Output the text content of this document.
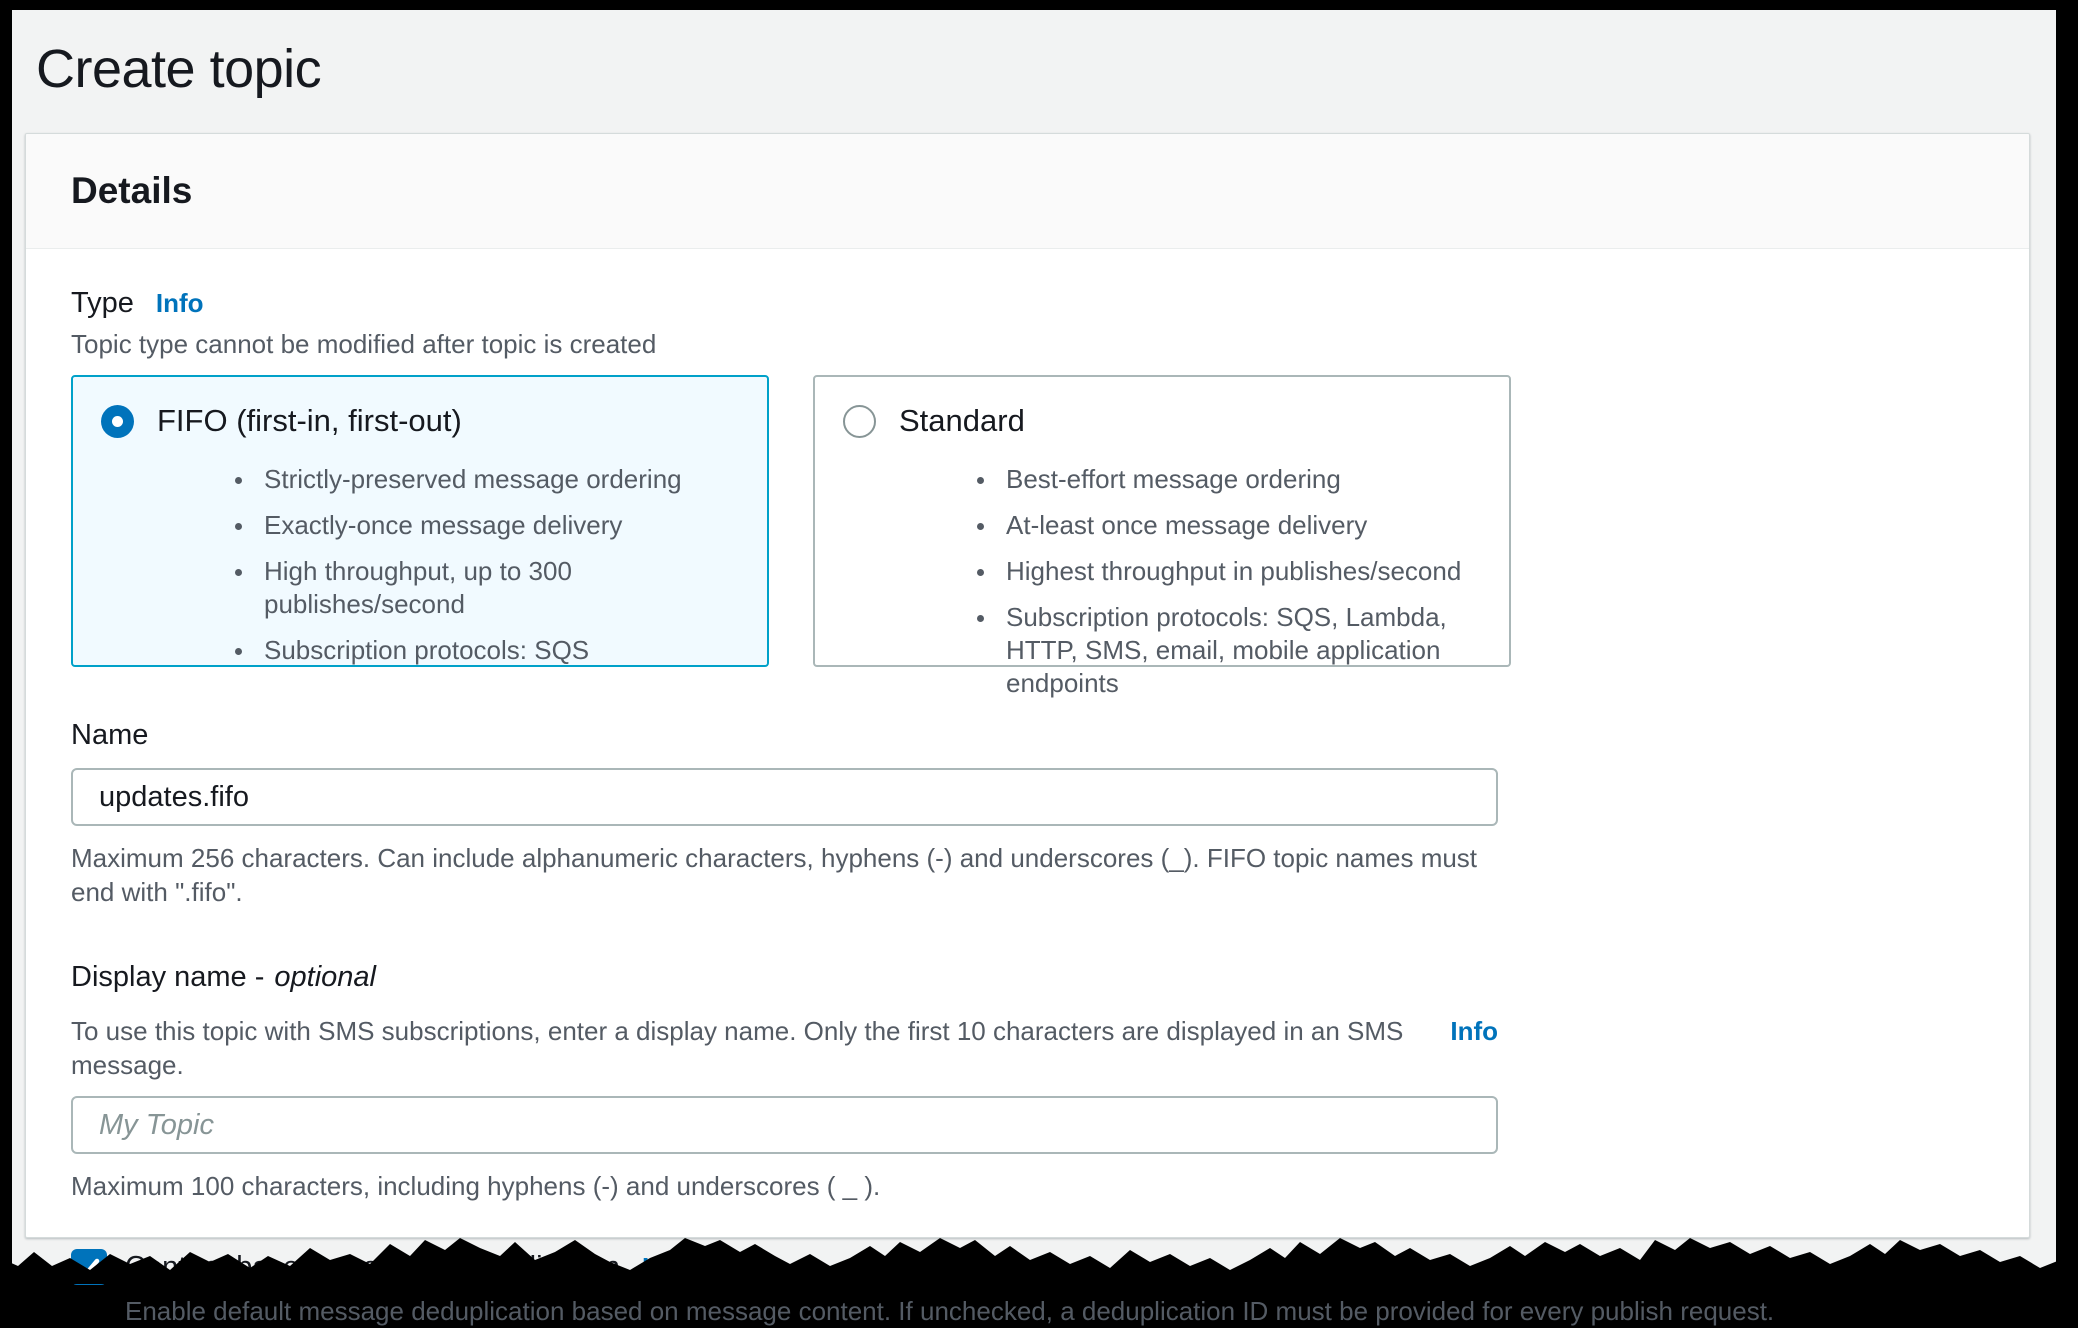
Create topic
Details
Type Info
Topic type cannot be modified after topic is created
FIFO (first-in, first-out)
• Strictly-preserved message ordering
• Exactly-once message delivery
• High throughput, up to 300 publishes/second
• Subscription protocols: SQS
Standard
• Best-effort message ordering
• At-least once message delivery
• Highest throughput in publishes/second
• Subscription protocols: SQS, Lambda, HTTP, SMS, email, mobile application endpoints
Name
updates.fifo
Maximum 256 characters. Can include alphanumeric characters, hyphens (-) and underscores (_). FIFO topic names must end with ".fifo".
Display name - optional
To use this topic with SMS subscriptions, enter a display name. Only the first 10 characters are displayed in an SMS message.
Info
My Topic
Maximum 100 characters, including hyphens (-) and underscores ( _ ).
Enable default message deduplication based on message content. If unchecked, a deduplication ID must be provided for every publish request.
